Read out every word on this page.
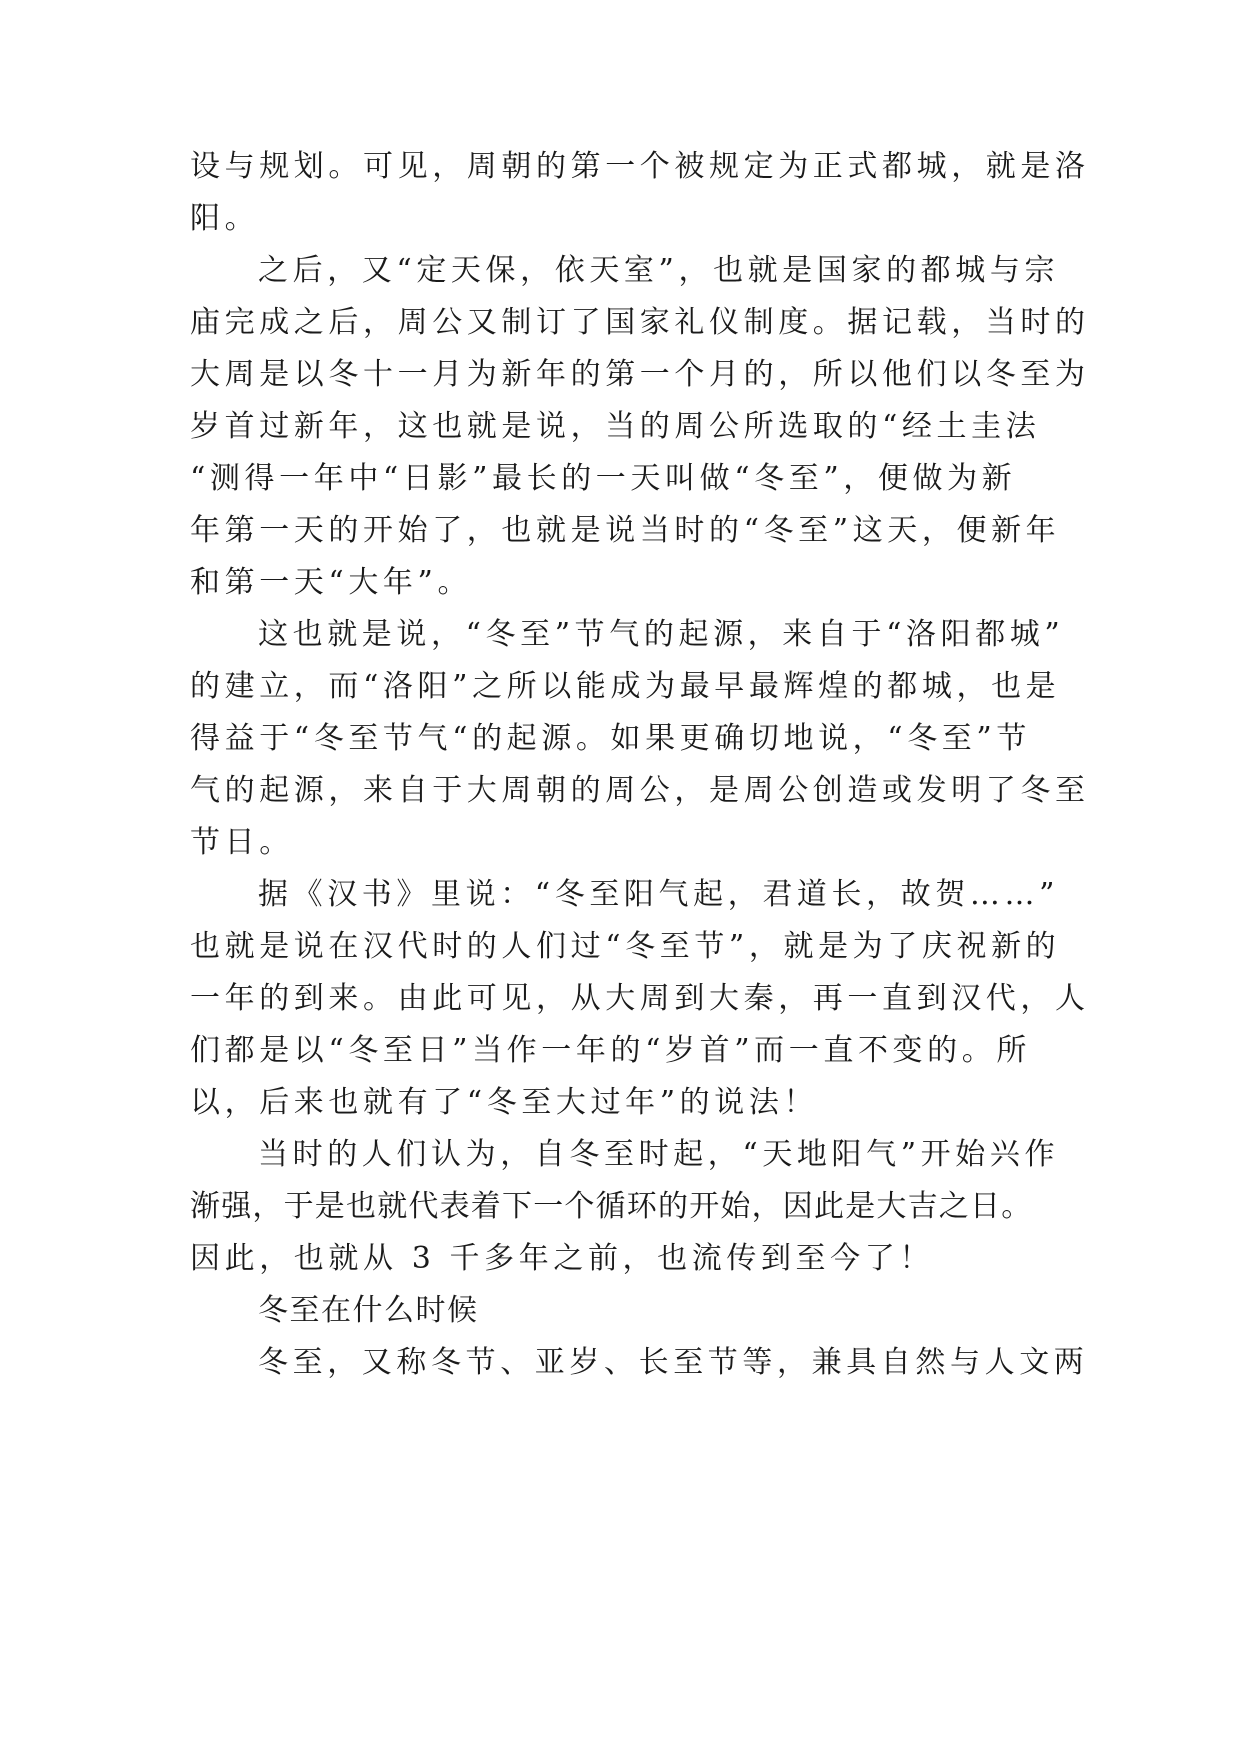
设与规划。可见，周朝的第一个被规定为正式都城，就是洛
阳。
之后，又“定天保，依天室”，也就是国家的都城与宗
庙完成之后，周公又制订了国家礼仪制度。据记载，当时的
大周是以冬十一月为新年的第一个月的，所以他们以冬至为
岁首过新年，这也就是说，当的周公所选取的“经土圭法
“测得一年中“日影”最长的一天叫做“冬至”，便做为新
年第一天的开始了，也就是说当时的“冬至”这天，便新年
和第一天“大年”。
这也就是说，“冬至”节气的起源，来自于“洛阳都城”
的建立，而“洛阳”之所以能成为最早最辉煌的都城，也是
得益于“冬至节气“的起源。如果更确切地说，“冬至”节
气的起源，来自于大周朝的周公，是周公创造或发明了冬至
节日。
据《汉书》里说：“冬至阳气起，君道长，故贺……”
也就是说在汉代时的人们过“冬至节”，就是为了庆祝新的
一年的到来。由此可见，从大周到大秦，再一直到汉代，人
们都是以“冬至日”当作一年的“岁首”而一直不变的。所
以，后来也就有了“冬至大过年”的说法！
当时的人们认为，自冬至时起，“天地阳气”开始兴作
渐强，于是也就代表着下一个循环的开始，因此是大吉之日。
因此，也就从 3 千多年之前，也流传到至今了！
冬至在什么时候
冬至，又称冬节、亚岁、长至节等，兼具自然与人文两
